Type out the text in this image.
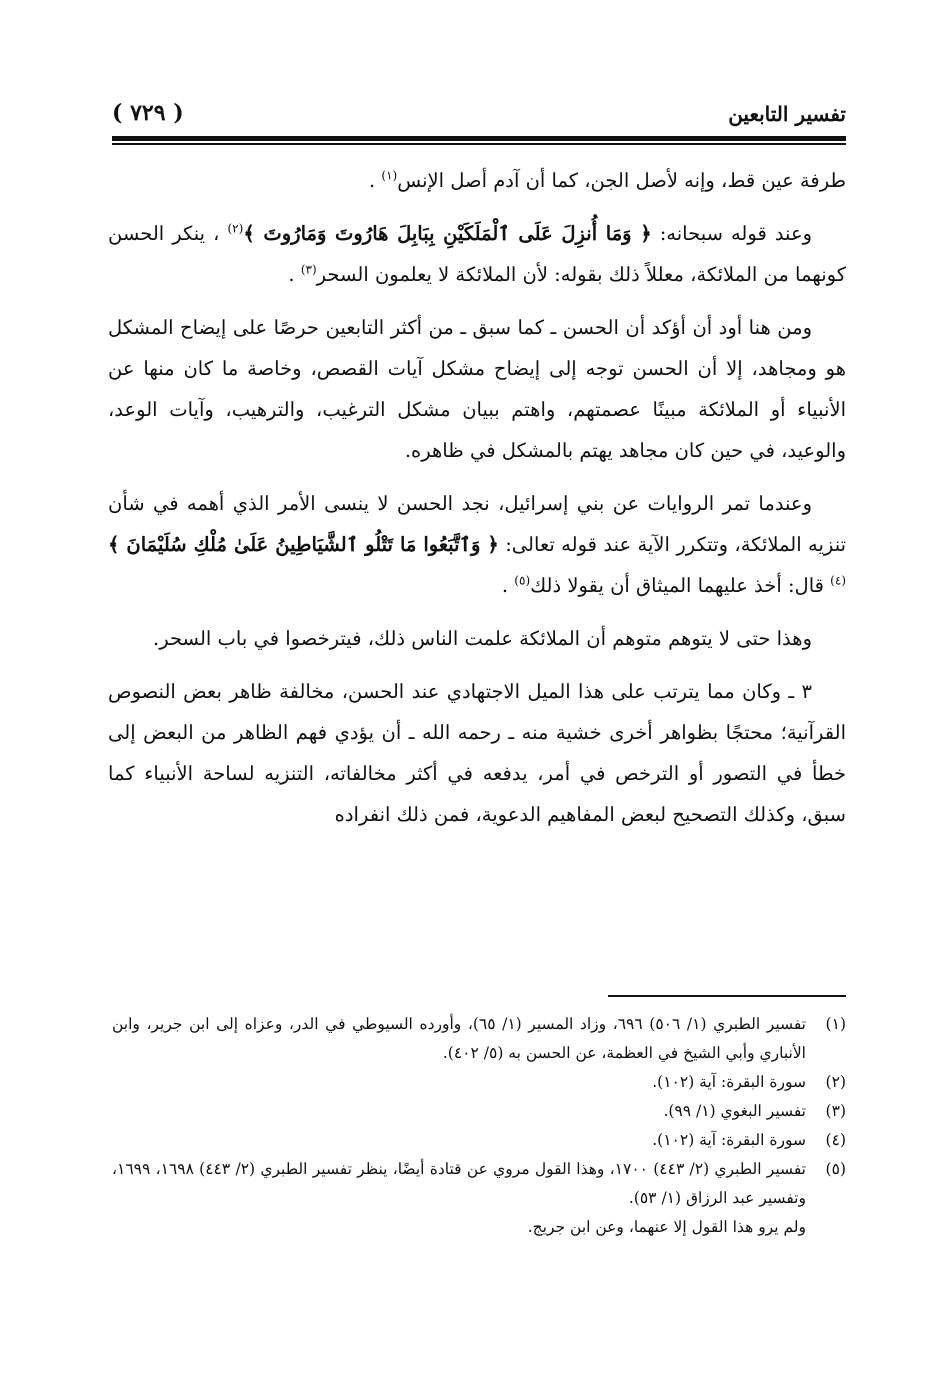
تفسير التابعين
( ٧٢٩ )

طرفة عين قط، وإنه لأصل الجن، كما أن آدم أصل الإنس$^{(١)}$ .

وعند قوله سبحانه: ﴿ وَمَا أُنزِلَ عَلَى ٱلْمَلَكَيْنِ بِبَابِلَ هَارُوتَ وَمَارُوتَ ﴾$^{(٢)}$ ، ينكر الحسن كونهما من الملائكة، معللاً ذلك بقوله: لأن الملائكة لا يعلمون السحر$^{(٣)}$ .

ومن هنا أود أن أؤكد أن الحسن ـ كما سبق ـ من أكثر التابعين حرصًا على إيضاح المشكل هو ومجاهد، إلا أن الحسن توجه إلى إيضاح مشكل آيات القصص، وخاصة ما كان منها عن الأنبياء أو الملائكة مبينًا عصمتهم، واهتم ببيان مشكل الترغيب، والترهيب، وآيات الوعد، والوعيد، في حين كان مجاهد يهتم بالمشكل في ظاهره.

وعندما تمر الروايات عن بني إسرائيل، نجد الحسن لا ينسى الأمر الذي أهمه في شأن تنزيه الملائكة، وتتكرر الآية عند قوله تعالى: ﴿ وَٱتَّبَعُوا مَا تَتْلُو ٱلشَّيَاطِينُ عَلَىٰ مُلْكِ سُلَيْمَانَ ﴾$^{(٤)}$ قال: أخذ عليهما الميثاق أن يقولا ذلك$^{(٥)}$ .

وهذا حتى لا يتوهم متوهم أن الملائكة علمت الناس ذلك، فيترخصوا في باب السحر.

٣ ـ وكان مما يترتب على هذا الميل الاجتهادي عند الحسن، مخالفة ظاهر بعض النصوص القرآنية؛ محتجًا بظواهر أخرى خشية منه ـ رحمه الله ـ أن يؤدي فهم الظاهر من البعض إلى خطأ في التصور أو الترخص في أمر، يدفعه في أكثر مخالفاته، التنزيه لساحة الأنبياء كما سبق، وكذلك التصحيح لبعض المفاهيم الدعوية، فمن ذلك انفراده

(١)
تفسير الطبري (١/ ٥٠٦) ٦٩٦، وزاد المسير (١/ ٦٥)، وأورده السيوطي في الدر، وعزاه إلى ابن جرير، وابن الأنباري وأبي الشيخ في العظمة، عن الحسن به (٥/ ٤٠٢).
(٢)
سورة البقرة: آية (١٠٢).
(٣)
تفسير البغوي (١/ ٩٩).
(٤)
سورة البقرة: آية (١٠٢).
(٥)
تفسير الطبري (٢/ ٤٤٣) ١٧٠٠، وهذا القول مروي عن قتادة أيضًا، ينظر تفسير الطبري (٢/ ٤٤٣) ١٦٩٨، ١٦٩٩، وتفسير عبد الرزاق (١/ ٥٣).
ولم يرو هذا القول إلا عنهما، وعن ابن جريج.
